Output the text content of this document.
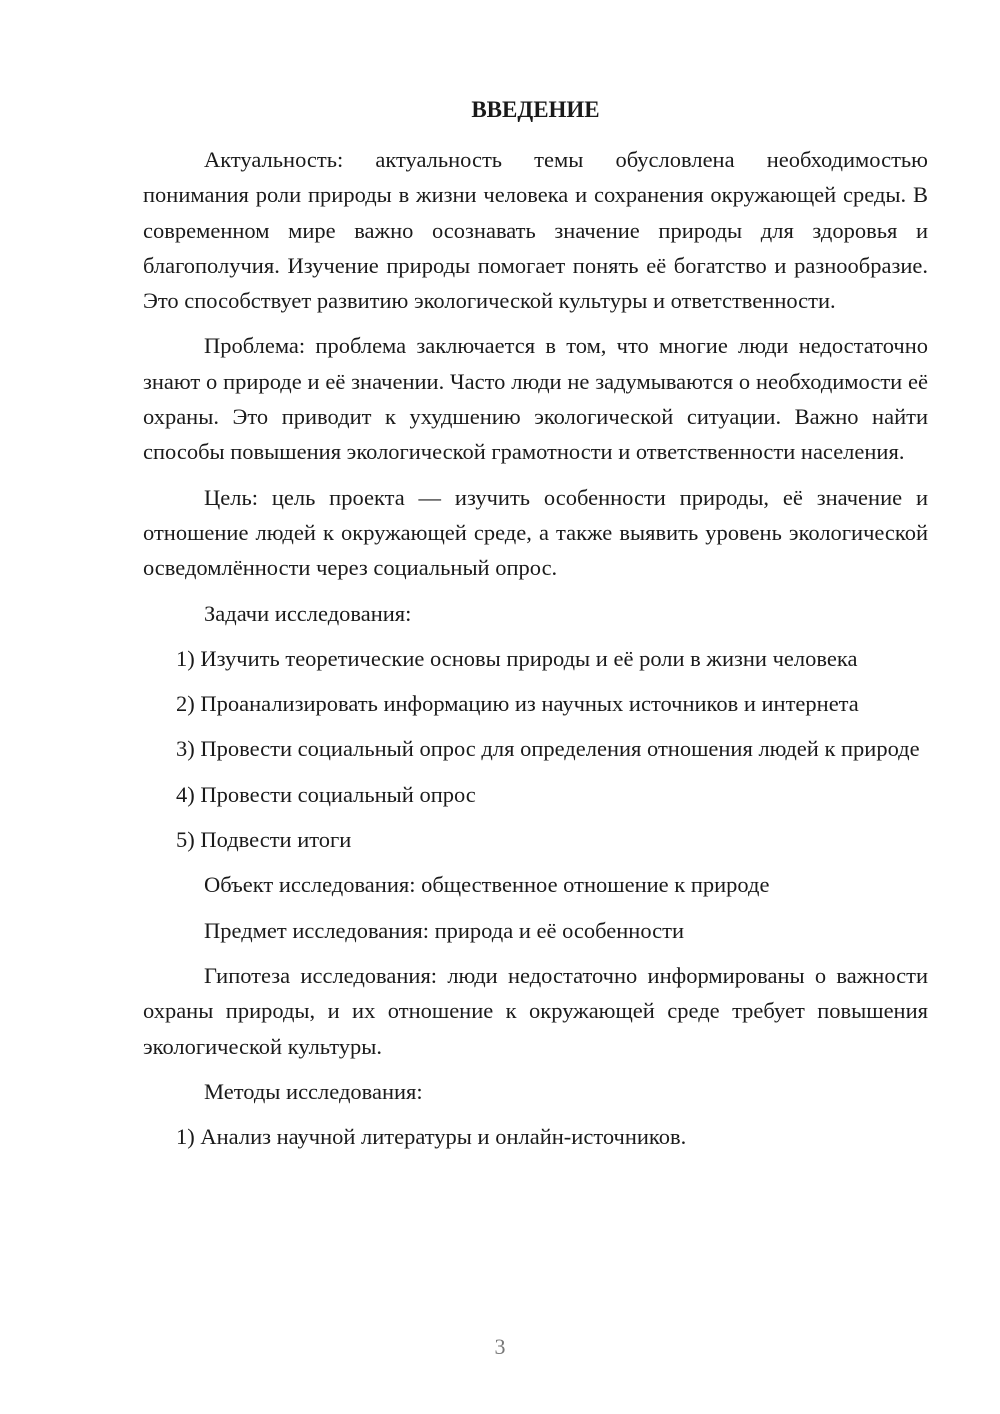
ВВЕДЕНИЕ

Актуальность: актуальность темы обусловлена необходимостью понимания роли природы в жизни человека и сохранения окружающей среды. В современном мире важно осознавать значение природы для здоровья и благополучия. Изучение природы помогает понять её богатство и разнообразие. Это способствует развитию экологической культуры и ответственности.

Проблема: проблема заключается в том, что многие люди недостаточно знают о природе и её значении. Часто люди не задумываются о необходимости её охраны. Это приводит к ухудшению экологической ситуации. Важно найти способы повышения экологической грамотности и ответственности населения.

Цель: цель проекта — изучить особенности природы, её значение и отношение людей к окружающей среде, а также выявить уровень экологической осведомлённости через социальный опрос.

Задачи исследования:

1) Изучить теоретические основы природы и её роли в жизни человека

2) Проанализировать информацию из научных источников и интернета

3) Провести социальный опрос для определения отношения людей к природе

4) Провести социальный опрос

5) Подвести итоги

Объект исследования: общественное отношение к природе

Предмет исследования: природа и её особенности

Гипотеза исследования: люди недостаточно информированы о важности охраны природы, и их отношение к окружающей среде требует повышения экологической культуры.

Методы исследования:

1) Анализ научной литературы и онлайн-источников.

3
